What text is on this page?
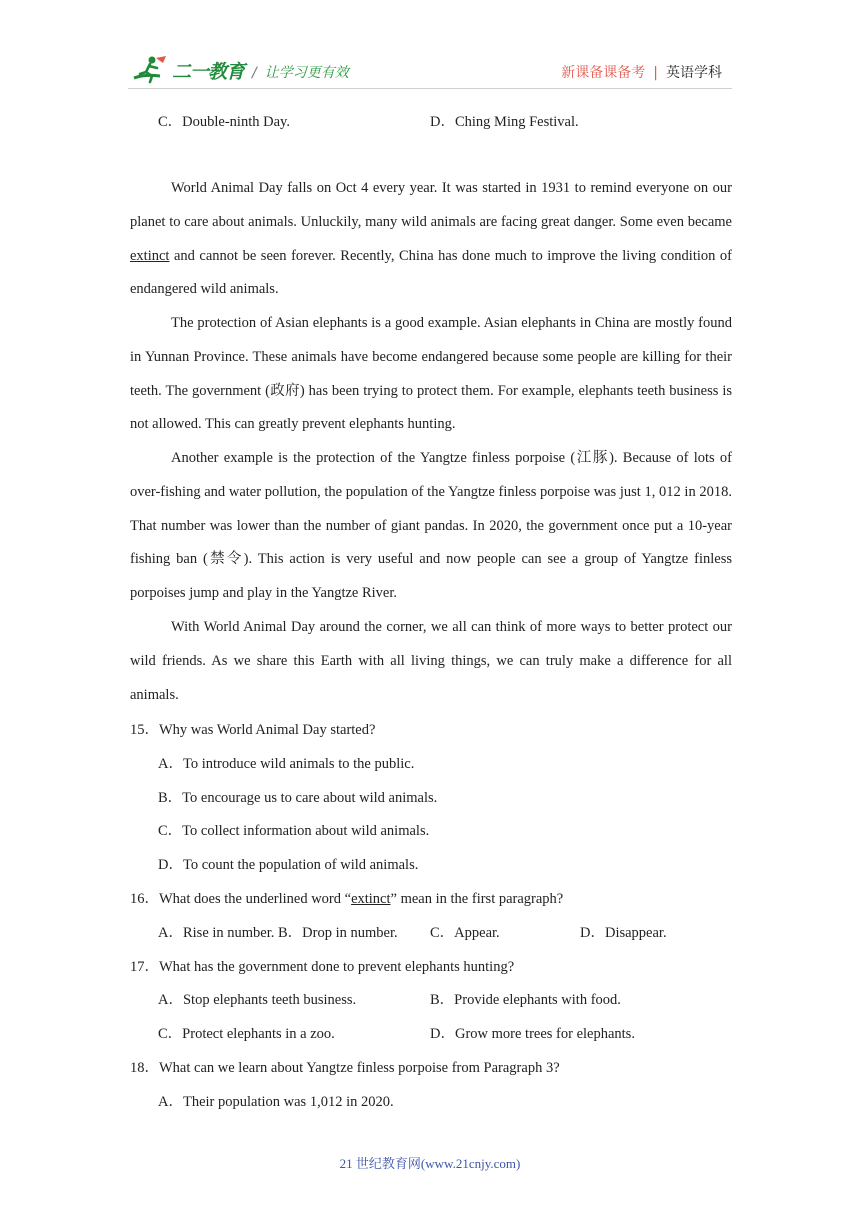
二一教育 / 让学习更有效	新课备课备考 | 英语学科
C．Double-ninth Day.	D．Ching Ming Festival.

World Animal Day falls on Oct 4 every year. It was started in 1931 to remind everyone on our planet to care about animals. Unluckily, many wild animals are facing great danger. Some even became extinct and cannot be seen forever. Recently, China has done much to improve the living condition of endangered wild animals.

The protection of Asian elephants is a good example. Asian elephants in China are mostly found in Yunnan Province. These animals have become endangered because some people are killing for their teeth. The government (政府) has been trying to protect them. For example, elephants teeth business is not allowed. This can greatly prevent elephants hunting.

Another example is the protection of the Yangtze finless porpoise (江豚). Because of lots of over-fishing and water pollution, the population of the Yangtze finless porpoise was just 1, 012 in 2018. That number was lower than the number of giant pandas. In 2020, the government once put a 10-year fishing ban (禁令). This action is very useful and now people can see a group of Yangtze finless porpoises jump and play in the Yangtze River.

With World Animal Day around the corner, we all can think of more ways to better protect our wild friends. As we share this Earth with all living things, we can truly make a difference for all animals.

15．Why was World Animal Day started?
A．To introduce wild animals to the public.
B．To encourage us to care about wild animals.
C．To collect information about wild animals.
D．To count the population of wild animals.
16．What does the underlined word “extinct” mean in the first paragraph?
A．Rise in number. B．Drop in number. C．Appear.	D．Disappear.
17．What has the government done to prevent elephants hunting?
A．Stop elephants teeth business.	B．Provide elephants with food.
C．Protect elephants in a zoo.	D．Grow more trees for elephants.
18．What can we learn about Yangtze finless porpoise from Paragraph 3?
A．Their population was 1,012 in 2020.
21 世纪教育网(www.21cnjy.com)
